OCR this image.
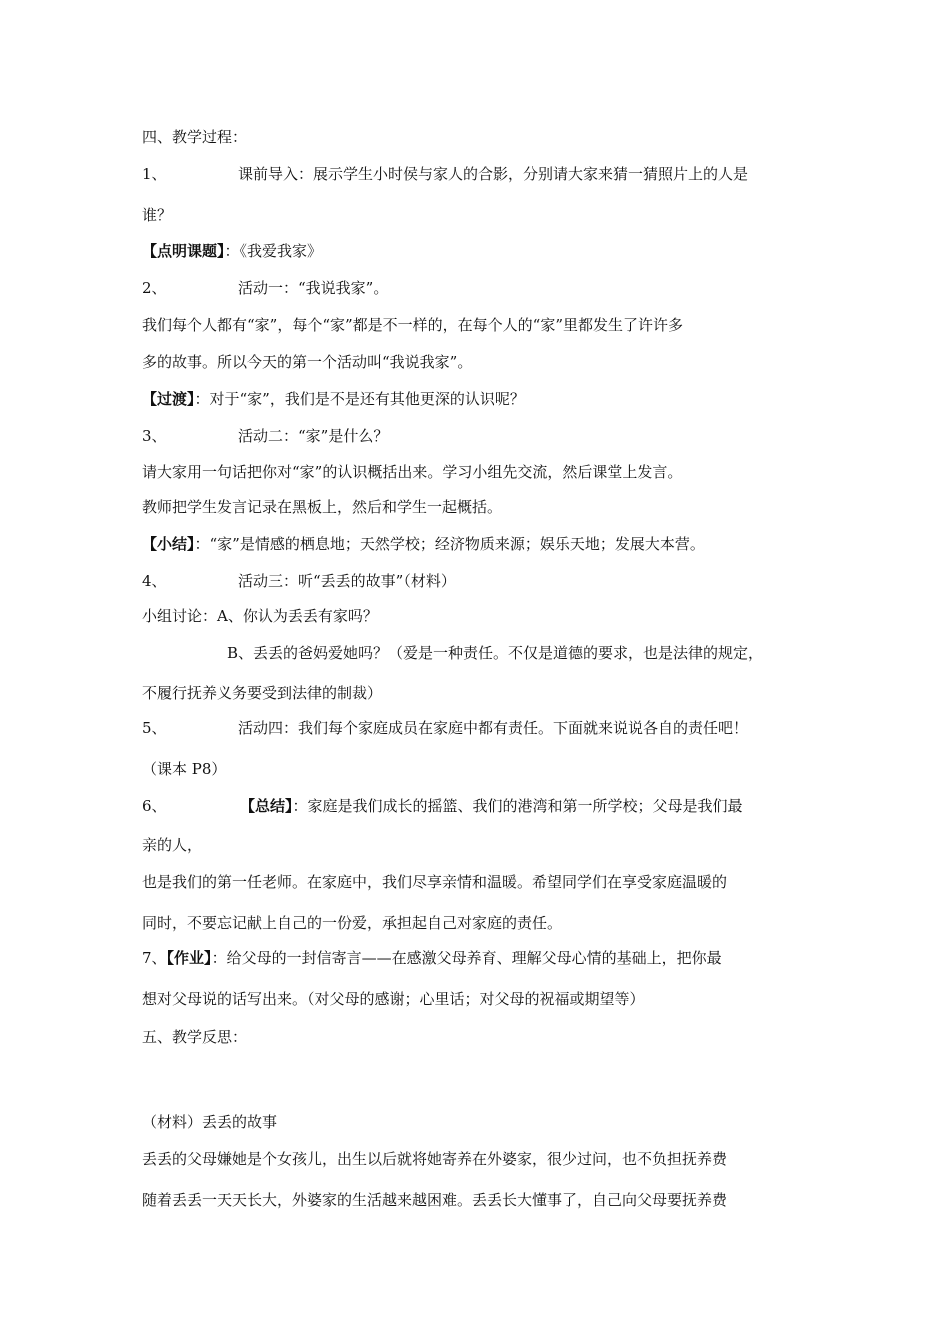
四、教学过程：
1、	课前导入：展示学生小时侯与家人的合影，分别请大家来猜一猜照片上的人是
谁？
【点明课题】：《我爱我家》
2、	活动一：“我说我家”。
我们每个人都有“家”，每个“家”都是不一样的，在每个人的“家”里都发生了许许多
多的故事。所以今天的第一个活动叫“我说我家”。
【过渡】：对于“家”，我们是不是还有其他更深的认识呢？
3、	活动二：“家”是什么？
请大家用一句话把你对“家”的认识概括出来。学习小组先交流，然后课堂上发言。
教师把学生发言记录在黑板上，然后和学生一起概括。
【小结】：“家”是情感的栖息地；天然学校；经济物质来源；娱乐天地；发展大本营。
4、	活动三：听“丢丢的故事”（材料）
小组讨论：A、你认为丢丢有家吗？
B、丢丢的爸妈爱她吗？（爱是一种责任。不仅是道德的要求，也是法律的规定，
不履行抚养义务要受到法律的制裁）
5、	活动四：我们每个家庭成员在家庭中都有责任。下面就来说说各自的责任吧！
（课本 P8）
6、	【总结】：家庭是我们成长的摇篮、我们的港湾和第一所学校；父母是我们最
亲的人，
也是我们的第一任老师。在家庭中，我们尽享亲情和温暖。希望同学们在享受家庭温暖的
同时，不要忘记献上自己的一份爱，承担起自己对家庭的责任。
7、【作业】：给父母的一封信寄言——在感激父母养育、理解父母心情的基础上，把你最
想对父母说的话写出来。（对父母的感谢；心里话；对父母的祝福或期望等）
五、教学反思：
（材料）丢丢的故事
丢丢的父母嫌她是个女孩儿，出生以后就将她寄养在外婆家，很少过问，也不负担抚养费
随着丢丢一天天长大，外婆家的生活越来越困难。丢丢长大懂事了，自己向父母要抚养费
